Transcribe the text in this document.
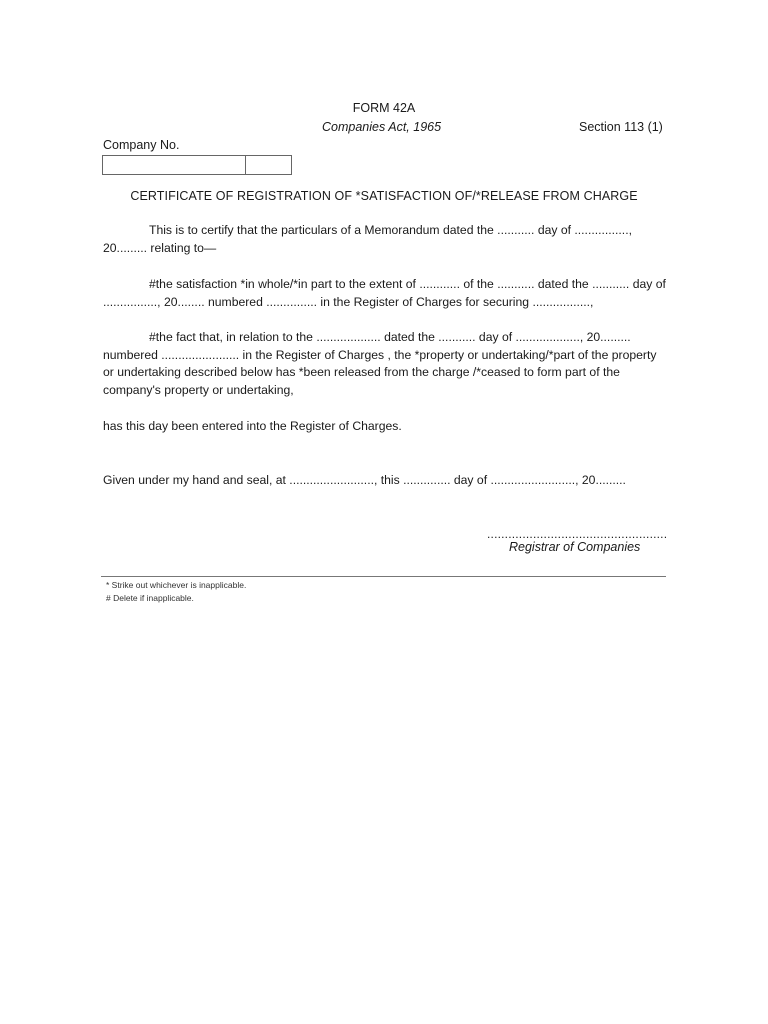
FORM 42A
Companies Act, 1965	Section 113 (1)
Company No.
CERTIFICATE OF REGISTRATION OF *SATISFACTION OF/*RELEASE FROM CHARGE
This is to certify that the particulars of a Memorandum dated the ........... day of ................, 20......... relating to—
#the satisfaction *in whole/*in part to the extent of ............ of the ........... dated the ........... day of ................, 20........ numbered ............... in the Register of Charges for securing .................,
#the fact that, in relation to the ................... dated the ........... day of ..................., 20......... numbered ....................... in the Register of Charges , the *property or undertaking/*part of the property or undertaking described below has *been released from the charge /*ceased to form part of the company's property or undertaking,
has this day been entered into the Register of Charges.
Given under my hand and seal, at ........................., this .............. day of ........................., 20.........
...................................................
Registrar of Companies
* Strike out whichever is inapplicable.
# Delete if inapplicable.
